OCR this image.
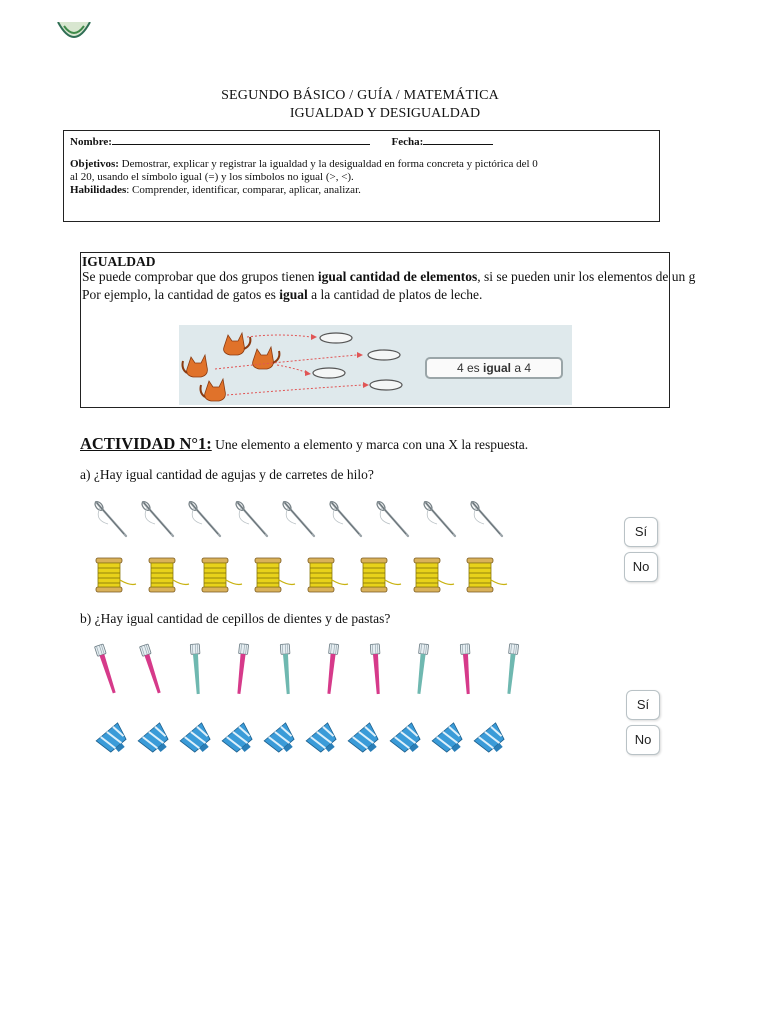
SEGUNDO BÁSICO / GUÍA / MATEMÁTICA
IGUALDAD Y DESIGUALDAD
Nombre:	Fecha:
Objetivos: Demostrar, explicar y registrar la igualdad y la desigualdad en forma concreta y pictórica del 0
al 20, usando el símbolo igual (=) y los símbolos no igual (>, <).
Habilidades: Comprender, identificar, comparar, aplicar, analizar.
IGUALDAD
Se puede comprobar que dos grupos tienen igual cantidad de elementos, si se pueden unir los elementos de un g
Por ejemplo, la cantidad de gatos es igual a la cantidad de platos de leche.
4 es igual a 4
ACTIVIDAD N°1: Une elemento a elemento y marca con una X la respuesta.
a) ¿Hay igual cantidad de agujas y de carretes de hilo?
Sí
No
b) ¿Hay igual cantidad de cepillos de dientes y de pastas?
Sí
No
